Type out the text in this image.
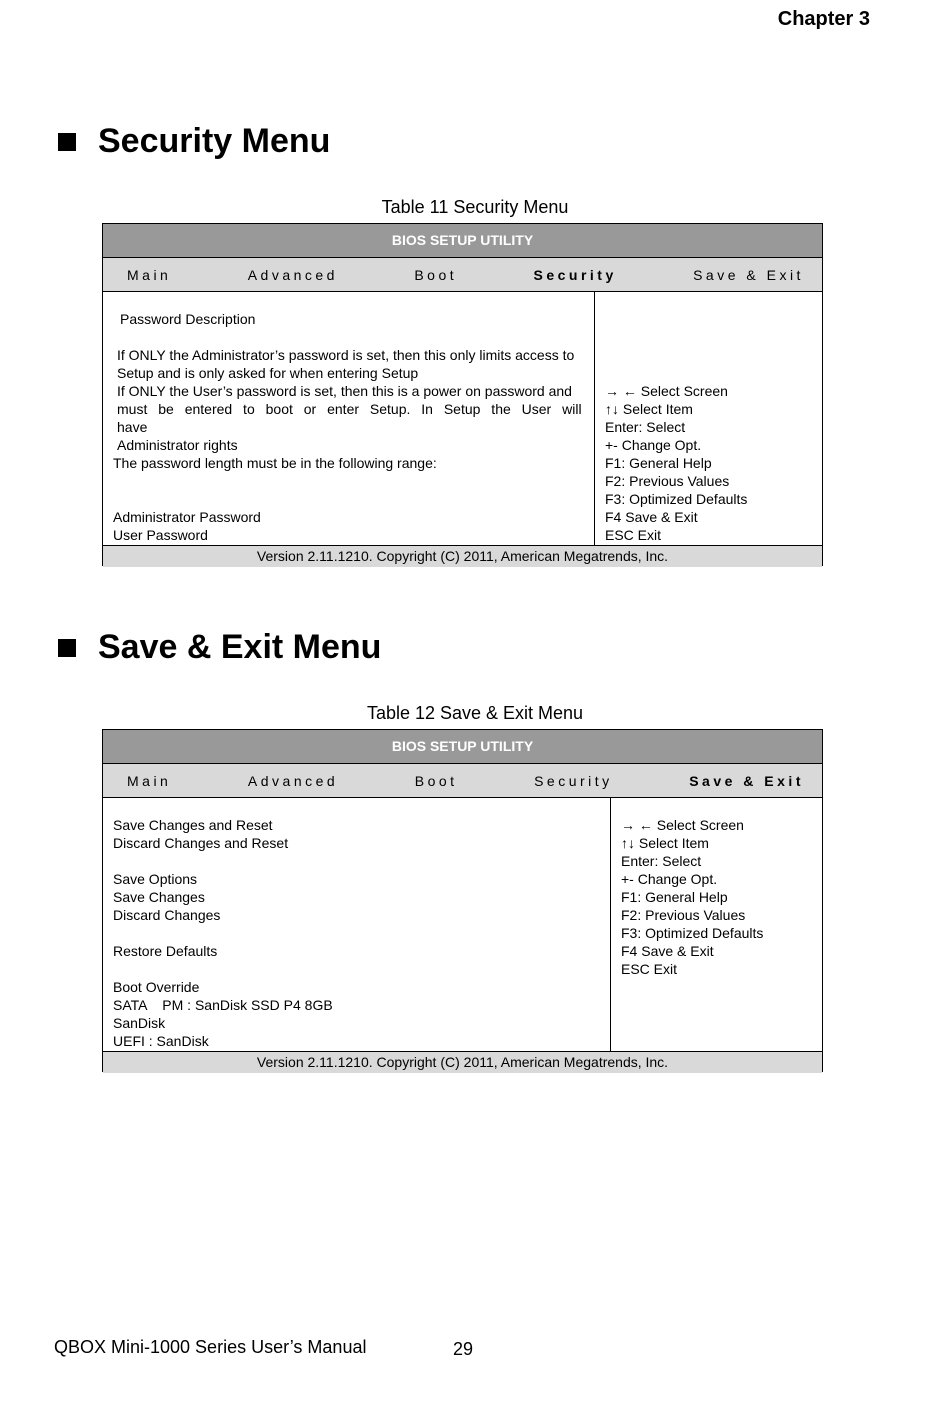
Chapter 3
Security Menu
Table 11 Security Menu
BIOS SETUP UTILITY
Main	Advanced	Boot	Security	Save & Exit
Password Description
If ONLY the Administrator’s password is set, then this only limits access to
Setup and is only asked for when entering Setup
If ONLY the User’s password is set, then this is a power on password and
must be entered to boot or enter Setup. In Setup the User will have
Administrator rights
The password length must be in the following range:
Administrator Password
User Password
→ ← Select Screen
↑↓ Select Item
Enter: Select
+- Change Opt.
F1: General Help
F2: Previous Values
F3: Optimized Defaults
F4 Save & Exit
ESC Exit
Version 2.11.1210. Copyright (C) 2011, American Megatrends, Inc.
Save & Exit Menu
Table 12 Save & Exit Menu
BIOS SETUP UTILITY
Main	Advanced	Boot	Security	Save & Exit
Save Changes and Reset
Discard Changes and Reset
Save Options
Save Changes
Discard Changes
Restore Defaults
Boot Override
SATA    PM : SanDisk SSD P4 8GB
SanDisk
UEFI : SanDisk
→ ← Select Screen
↑↓ Select Item
Enter: Select
+- Change Opt.
F1: General Help
F2: Previous Values
F3: Optimized Defaults
F4 Save & Exit
ESC Exit
Version 2.11.1210. Copyright (C) 2011, American Megatrends, Inc.
QBOX Mini-1000 Series User’s Manual	29
